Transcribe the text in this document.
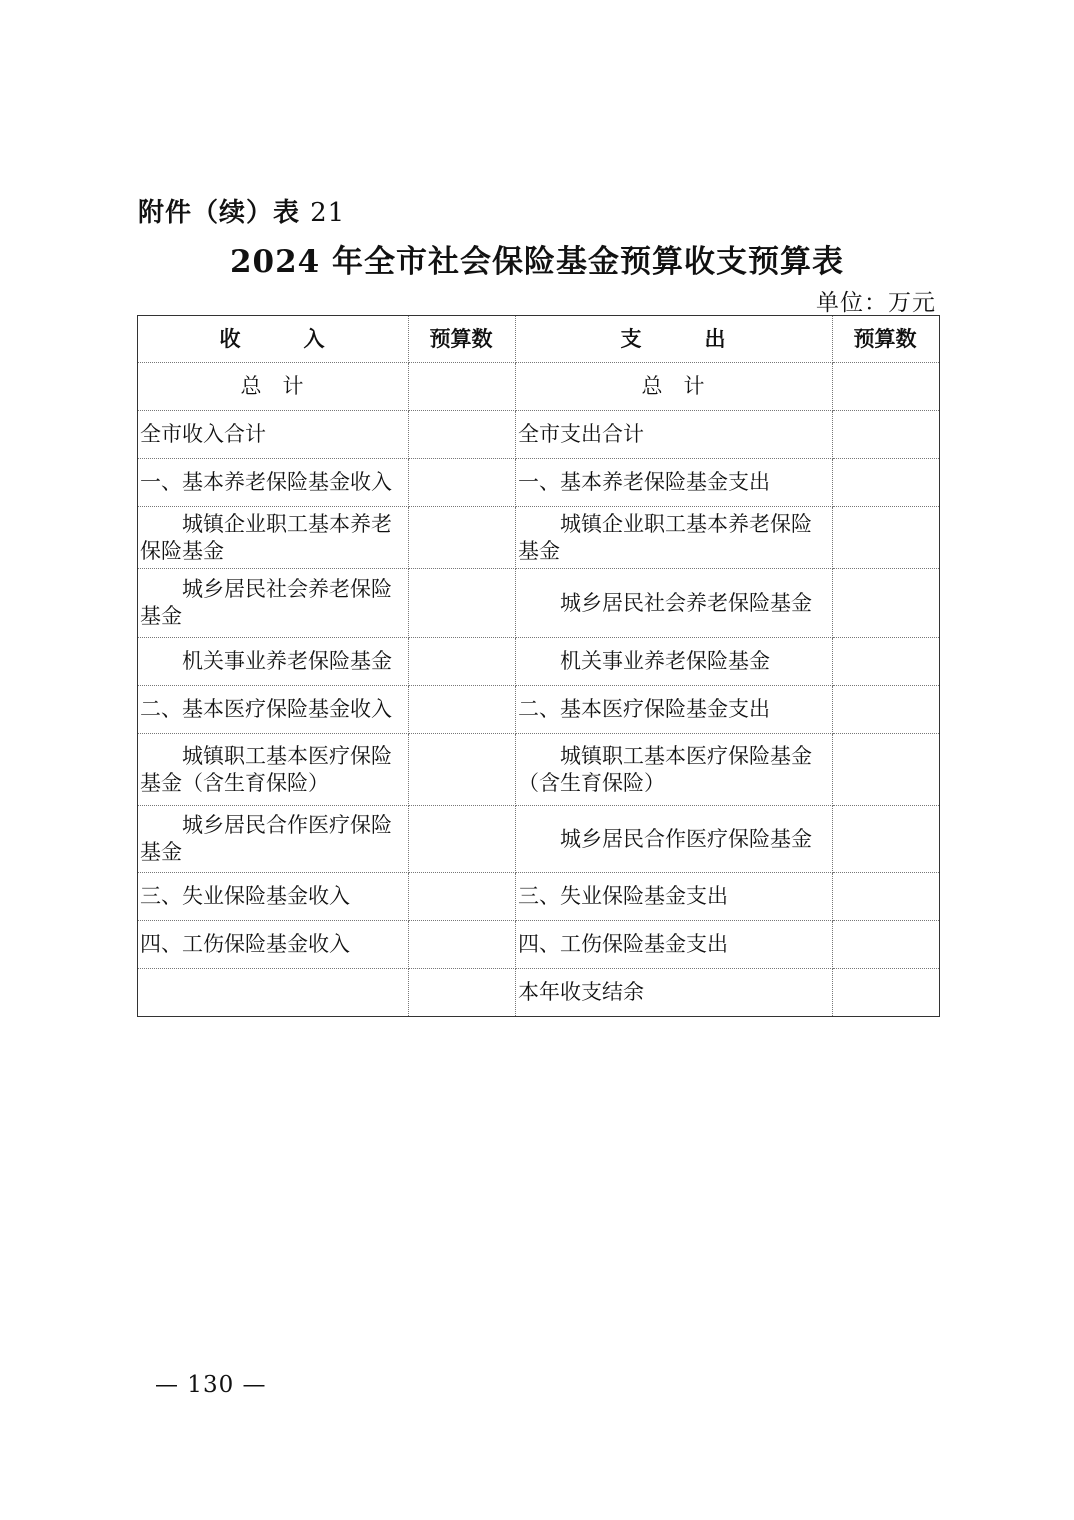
附件（续）表 21
2024 年全市社会保险基金预算收支预算表
单位：万元
收　　　入	预算数	支　　　出	预算数
总　计		总　计	
全市收入合计		全市支出合计	
一、基本养老保险基金收入		一、基本养老保险基金支出	
城镇企业职工基本养老保险基金		城镇企业职工基本养老保险基金	
城乡居民社会养老保险基金		城乡居民社会养老保险基金	
机关事业养老保险基金		机关事业养老保险基金	
二、基本医疗保险基金收入		二、基本医疗保险基金支出	
城镇职工基本医疗保险基金（含生育保险）		城镇职工基本医疗保险基金（含生育保险）	
城乡居民合作医疗保险基金		城乡居民合作医疗保险基金	
三、失业保险基金收入		三、失业保险基金支出	
四、工伤保险基金收入		四、工伤保险基金支出	
		本年收支结余	
— 130 —
